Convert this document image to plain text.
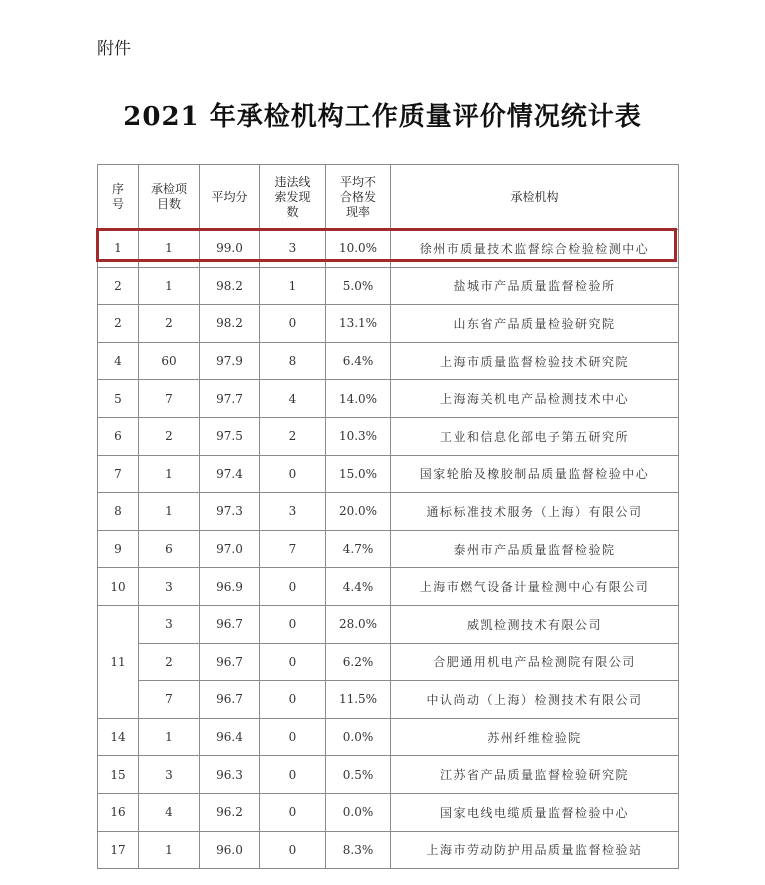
附件
2021 年承检机构工作质量评价情况统计表
序号	承检项目数	平均分	违法线索发现数	平均不合格发现率	承检机构
1	1	99.0	3	10.0%	徐州市质量技术监督综合检验检测中心
2	1	98.2	1	5.0%	盐城市产品质量监督检验所
2	2	98.2	0	13.1%	山东省产品质量检验研究院
4	60	97.9	8	6.4%	上海市质量监督检验技术研究院
5	7	97.7	4	14.0%	上海海关机电产品检测技术中心
6	2	97.5	2	10.3%	工业和信息化部电子第五研究所
7	1	97.4	0	15.0%	国家轮胎及橡胶制品质量监督检验中心
8	1	97.3	3	20.0%	通标标准技术服务（上海）有限公司
9	6	97.0	7	4.7%	泰州市产品质量监督检验院
10	3	96.9	0	4.4%	上海市燃气设备计量检测中心有限公司
11	3	96.7	0	28.0%	威凯检测技术有限公司
	2	96.7	0	6.2%	合肥通用机电产品检测院有限公司
	7	96.7	0	11.5%	中认尚动（上海）检测技术有限公司
14	1	96.4	0	0.0%	苏州纤维检验院
15	3	96.3	0	0.5%	江苏省产品质量监督检验研究院
16	4	96.2	0	0.0%	国家电线电缆质量监督检验中心
17	1	96.0	0	8.3%	上海市劳动防护用品质量监督检验站
